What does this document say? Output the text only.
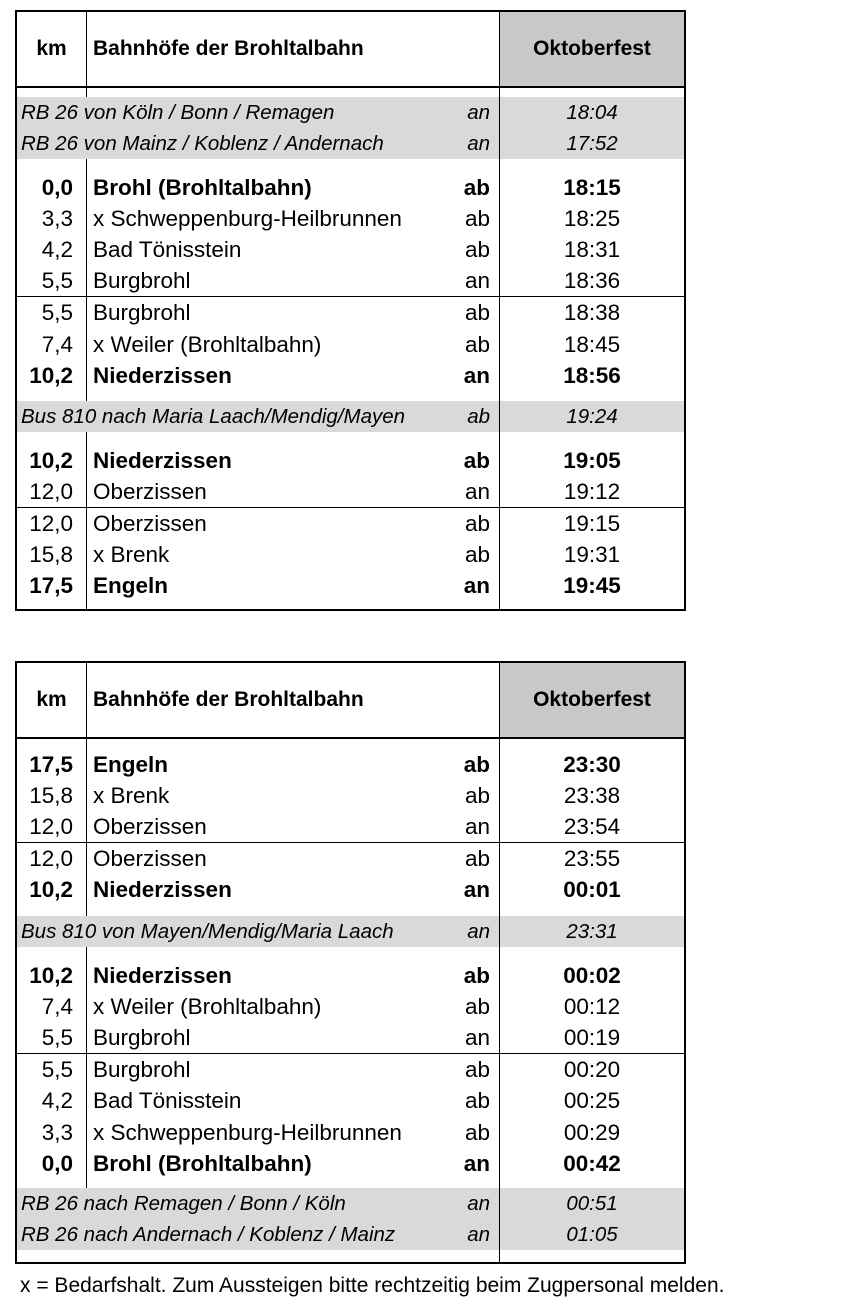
km	Bahnhöfe der Brohltalbahn	Oktoberfest
RB 26 von Köln / Bonn / Remagen	an	18:04
RB 26 von Mainz / Koblenz / Andernach	an	17:52
0,0 Brohl (Brohltalbahn)	ab	18:15
3,3 x Schweppenburg-Heilbrunnen	ab	18:25
4,2 Bad Tönisstein	ab	18:31
5,5 Burgbrohl	an	18:36
5,5 Burgbrohl	ab	18:38
7,4 x Weiler (Brohltalbahn)	ab	18:45
10,2 Niederzissen	an	18:56
Bus 810 nach Maria Laach/Mendig/Mayen	ab	19:24
10,2 Niederzissen	ab	19:05
12,0 Oberzissen	an	19:12
12,0 Oberzissen	ab	19:15
15,8 x Brenk	ab	19:31
17,5 Engeln	an	19:45
km	Bahnhöfe der Brohltalbahn	Oktoberfest
17,5 Engeln	ab	23:30
15,8 x Brenk	ab	23:38
12,0 Oberzissen	an	23:54
12,0 Oberzissen	ab	23:55
10,2 Niederzissen	an	00:01
Bus 810 von Mayen/Mendig/Maria Laach	an	23:31
10,2 Niederzissen	ab	00:02
7,4 x Weiler (Brohltalbahn)	ab	00:12
5,5 Burgbrohl	an	00:19
5,5 Burgbrohl	ab	00:20
4,2 Bad Tönisstein	ab	00:25
3,3 x Schweppenburg-Heilbrunnen	ab	00:29
0,0 Brohl (Brohltalbahn)	an	00:42
RB 26 nach Remagen / Bonn / Köln	an	00:51
RB 26 nach Andernach / Koblenz / Mainz	an	01:05
x = Bedarfshalt. Zum Aussteigen bitte rechtzeitig beim Zugpersonal melden.
